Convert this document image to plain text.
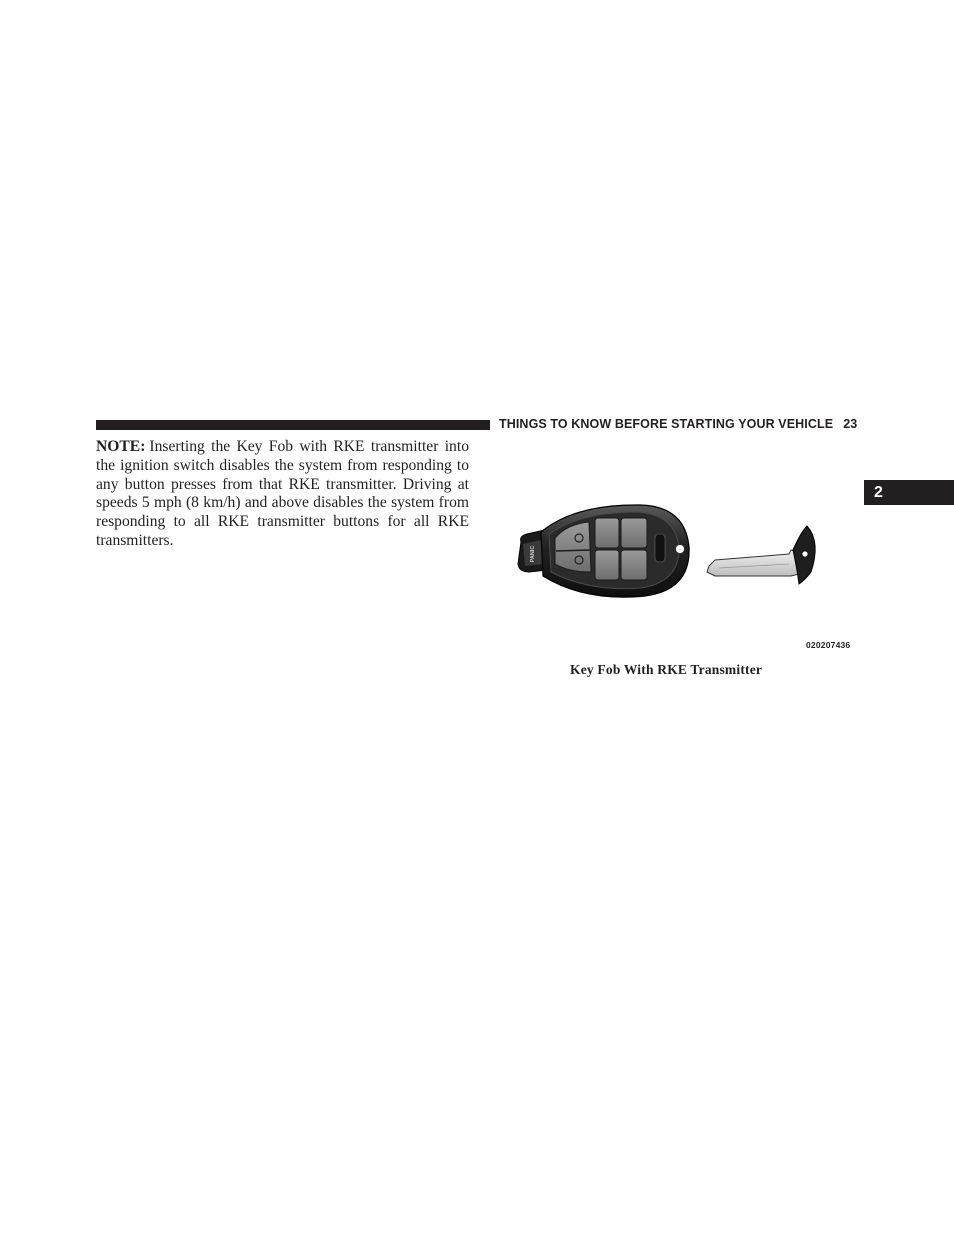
THINGS TO KNOW BEFORE STARTING YOUR VEHICLE 23
2

NOTE: Inserting the Key Fob with RKE transmitter into the ignition switch disables the system from responding to any button presses from that RKE transmitter. Driving at speeds 5 mph (8 km/h) and above disables the system from responding to all RKE transmitter buttons for all RKE transmitters.

PANIC
020207436
Key Fob With RKE Transmitter
